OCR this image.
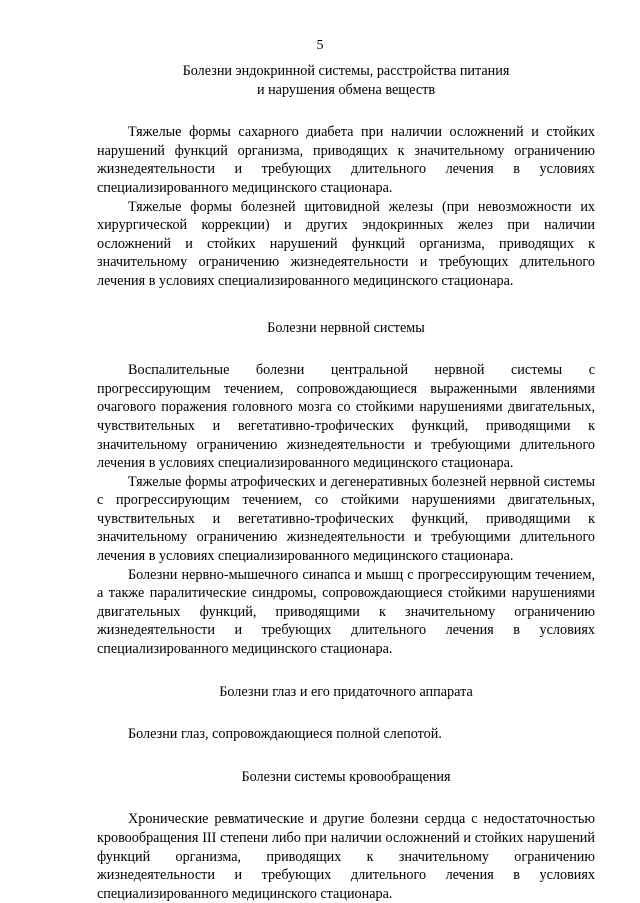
5

Болезни эндокринной системы, расстройства питания
и нарушения обмена веществ

Тяжелые формы сахарного диабета при наличии осложнений и стойких нарушений функций организма, приводящих к значительному ограничению жизнедеятельности и требующих длительного лечения в условиях специализированного медицинского стационара.

Тяжелые формы болезней щитовидной железы (при невозможности их хирургической коррекции) и других эндокринных желез при наличии осложнений и стойких нарушений функций организма, приводящих к значительному ограничению жизнедеятельности и требующих длительного лечения в условиях специализированного медицинского стационара.

Болезни нервной системы

Воспалительные болезни центральной нервной системы с прогрессирующим течением, сопровождающиеся выраженными явлениями очагового поражения головного мозга со стойкими нарушениями двигательных, чувствительных и вегетативно-трофических функций, приводящими к значительному ограничению жизнедеятельности и требующими длительного лечения в условиях специализированного медицинского стационара.

Тяжелые формы атрофических и дегенеративных болезней нервной системы с прогрессирующим течением, со стойкими нарушениями двигательных, чувствительных и вегетативно-трофических функций, приводящими к значительному ограничению жизнедеятельности и требующими длительного лечения в условиях специализированного медицинского стационара.

Болезни нервно-мышечного синапса и мышц с прогрессирующим течением, а также паралитические синдромы, сопровождающиеся стойкими нарушениями двигательных функций, приводящими к значительному ограничению жизнедеятельности и требующих длительного лечения в условиях специализированного медицинского стационара.

Болезни глаз и его придаточного аппарата

Болезни глаз, сопровождающиеся полной слепотой.

Болезни системы кровообращения

Хронические ревматические и другие болезни сердца с недостаточностью кровообращения III степени либо при наличии осложнений и стойких нарушений функций организма, приводящих к значительному ограничению жизнедеятельности и требующих длительного лечения в условиях специализированного медицинского стационара.
